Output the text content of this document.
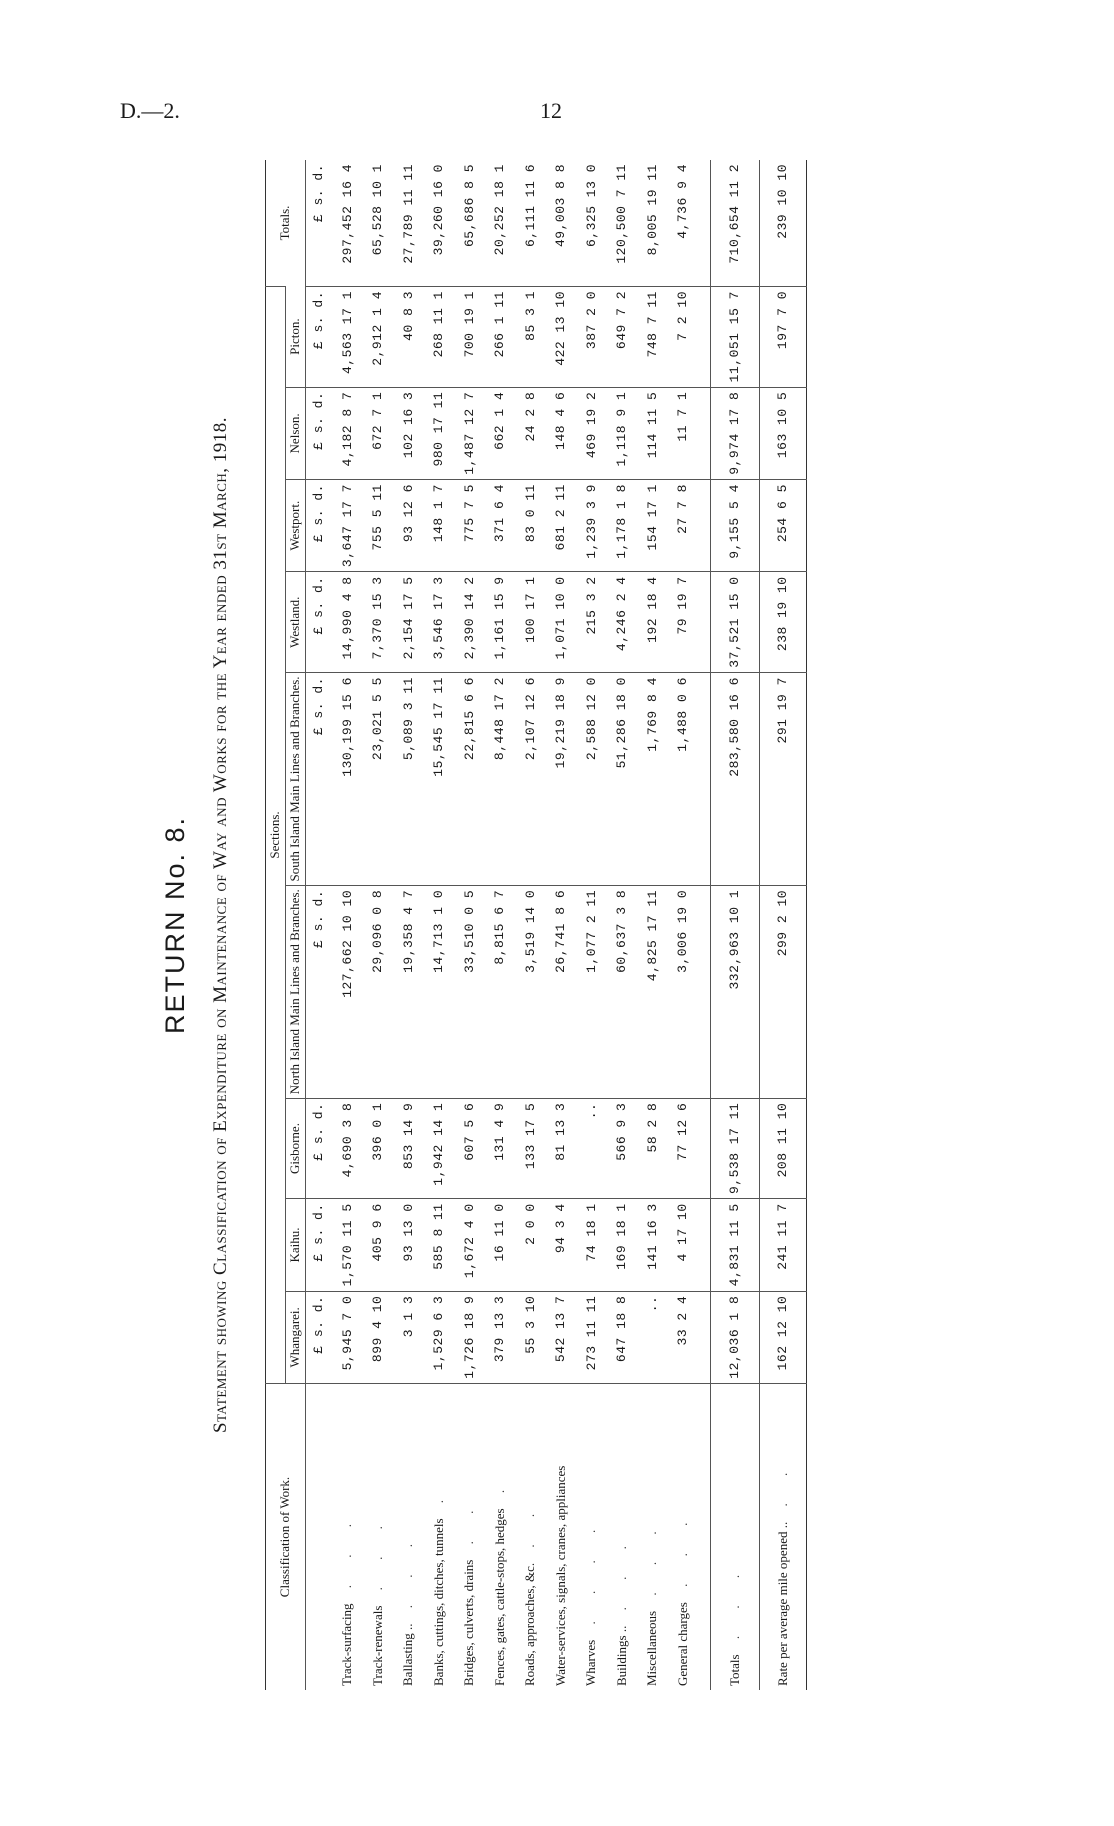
D.—2.	12
RETURN No. 8. Statement showing Classification of Expenditure on Maintenance of Way and Works for the Year ended 31st March, 1918.
Classification of Work.	Sections.									Totals.
	Whangarei.	Kaihu.	Gisborne.	North Island Main Lines and Branches.	South Island Main Lines and Branches.	Westland.	Westport.	Nelson.	Picton.	
	£ s. d.	£ s. d.	£ s. d.	£ s. d.	£ s. d.	£ s. d.	£ s. d.	£ s. d.	£ s. d.	£ s. d.
Track-surfacing . . .	5,945 7 0	1,570 11 5	4,690 3 8	127,662 10 10	130,199 15 6	14,990 4 8	3,647 17 7	4,182 8 7	4,563 17 1	297,452 16 4
Track-renewals . . .	899 4 10	405 9 6	396 0 1	29,096 0 8	23,021 5 5	7,370 15 3	755 5 11	672 7 1	2,912 1 4	65,528 10 1
Ballasting .. . . .	3 1 3	93 13 0	853 14 9	19,358 4 7	5,089 3 11	2,154 17 5	93 12 6	102 16 3	40 8 3	27,789 11 11
Banks, cuttings, ditches, tunnels .	1,529 6 3	585 8 11	1,942 14 1	14,713 1 0	15,545 17 11	3,546 17 3	148 1 7	980 17 11	268 11 1	39,260 16 0
Bridges, culverts, drains . .	1,726 18 9	1,672 4 0	607 5 6	33,510 0 5	22,815 6 6	2,390 14 2	775 7 5	1,487 12 7	700 19 1	65,686 8 5
Fences, gates, cattle-stops, hedges .	379 13 3	16 11 0	131 4 9	8,815 6 7	8,448 17 2	1,161 15 9	371 6 4	662 1 4	266 1 11	20,252 18 1
Roads, approaches, &c. . .	55 3 10	2 0 0	133 17 5	3,519 14 0	2,107 12 6	100 17 1	83 0 11	24 2 8	85 3 1	6,111 11 6
Water-services, signals, cranes, appliances	542 13 7	94 3 4	81 13 3	26,741 8 6	19,219 18 9	1,071 10 0	681 2 11	148 4 6	422 13 10	49,003 8 8
Wharves . . . .	273 11 11	74 18 1	..	1,077 2 11	2,588 12 0	215 3 2	1,239 3 9	469 19 2	387 2 0	6,325 13 0
Buildings .. . . .	647 18 8	169 18 1	566 9 3	60,637 3 8	51,286 18 0	4,246 2 4	1,178 1 8	1,118 9 1	649 7 2	120,500 7 11
Miscellaneous . . .	..	141 16 3	58 2 8	4,825 17 11	1,769 8 4	192 18 4	154 17 1	114 11 5	748 7 11	8,005 19 11
General charges . . .	33 2 4	4 17 10	77 12 6	3,006 19 0	1,488 0 6	79 19 7	27 7 8	11 7 1	7 2 10	4,736 9 4

Totals . . .	12,036 1 8	4,831 11 5	9,538 17 11	332,963 10 1	283,580 16 6	37,521 15 0	9,155 5 4	9,974 17 8	11,051 15 7	710,654 11 2
Rate per average mile opened .. . .	162 12 10	241 11 7	208 11 10	299 2 10	291 19 7	238 19 10	254 6 5	163 10 5	197 7 0	239 10 10
